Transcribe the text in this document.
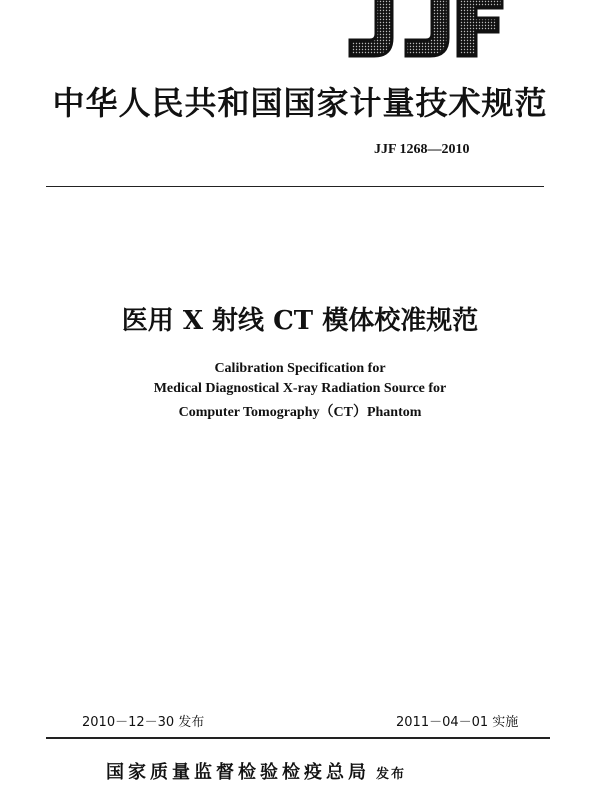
中华人民共和国国家计量技术规范
JJF 1268—2010
医用 X 射线 CT 模体校准规范
Calibration Specification for
Medical Diagnostical X-ray Radiation Source for
Computer Tomography（CT）Phantom
2010－12－30 发布	2011－04－01 实施
国家质量监督检验检疫总局 发布
